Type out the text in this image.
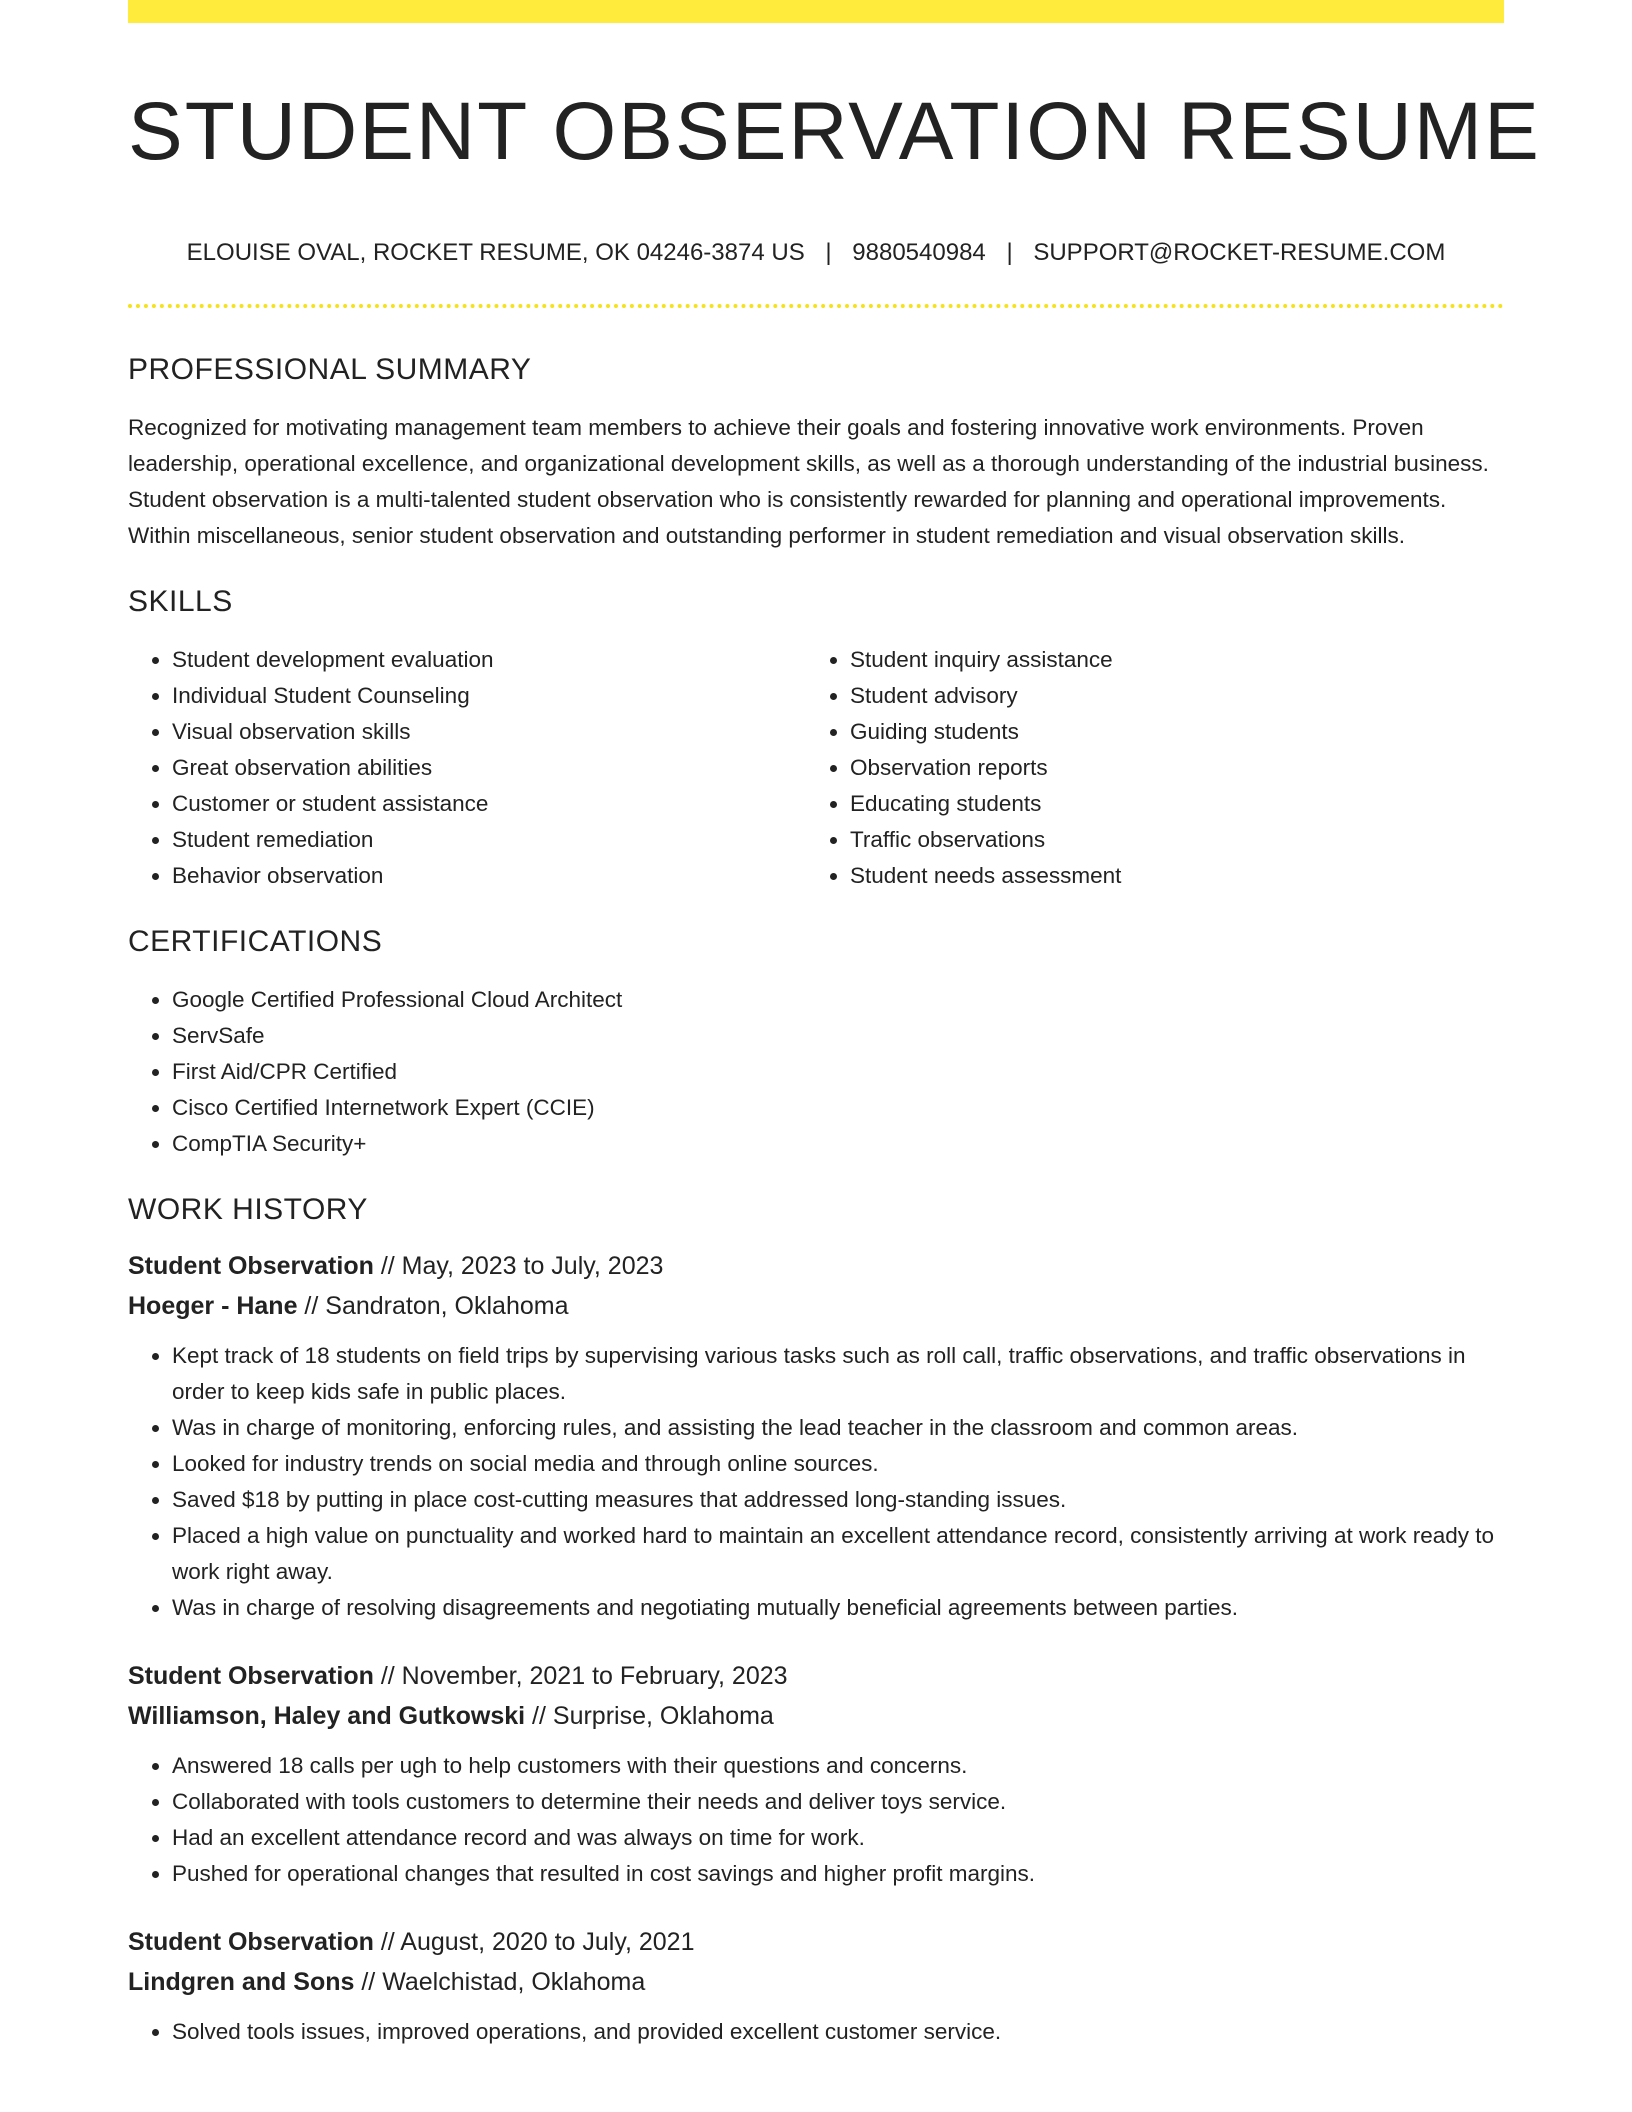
STUDENT OBSERVATION RESUME
ELOUISE OVAL, ROCKET RESUME, OK 04246-3874 US | 9880540984 | SUPPORT@ROCKET-RESUME.COM
PROFESSIONAL SUMMARY

Recognized for motivating management team members to achieve their goals and fostering innovative work environments. Proven leadership, operational excellence, and organizational development skills, as well as a thorough understanding of the industrial business. Student observation is a multi-talented student observation who is consistently rewarded for planning and operational improvements. Within miscellaneous, senior student observation and outstanding performer in student remediation and visual observation skills.

SKILLS
• Student development evaluation
• Individual Student Counseling
• Visual observation skills
• Great observation abilities
• Customer or student assistance
• Student remediation
• Behavior observation
• Student inquiry assistance
• Student advisory
• Guiding students
• Observation reports
• Educating students
• Traffic observations
• Student needs assessment
CERTIFICATIONS
• Google Certified Professional Cloud Architect
• ServSafe
• First Aid/CPR Certified
• Cisco Certified Internetwork Expert (CCIE)
• CompTIA Security+
WORK HISTORY
Student Observation // May, 2023 to July, 2023
Hoeger - Hane // Sandraton, Oklahoma
• Kept track of 18 students on field trips by supervising various tasks such as roll call, traffic observations, and traffic observations in order to keep kids safe in public places.
• Was in charge of monitoring, enforcing rules, and assisting the lead teacher in the classroom and common areas.
• Looked for industry trends on social media and through online sources.
• Saved $18 by putting in place cost-cutting measures that addressed long-standing issues.
• Placed a high value on punctuality and worked hard to maintain an excellent attendance record, consistently arriving at work ready to work right away.
• Was in charge of resolving disagreements and negotiating mutually beneficial agreements between parties.
Student Observation // November, 2021 to February, 2023
Williamson, Haley and Gutkowski // Surprise, Oklahoma
• Answered 18 calls per ugh to help customers with their questions and concerns.
• Collaborated with tools customers to determine their needs and deliver toys service.
• Had an excellent attendance record and was always on time for work.
• Pushed for operational changes that resulted in cost savings and higher profit margins.
Student Observation // August, 2020 to July, 2021
Lindgren and Sons // Waelchistad, Oklahoma
• Solved tools issues, improved operations, and provided excellent customer service.
